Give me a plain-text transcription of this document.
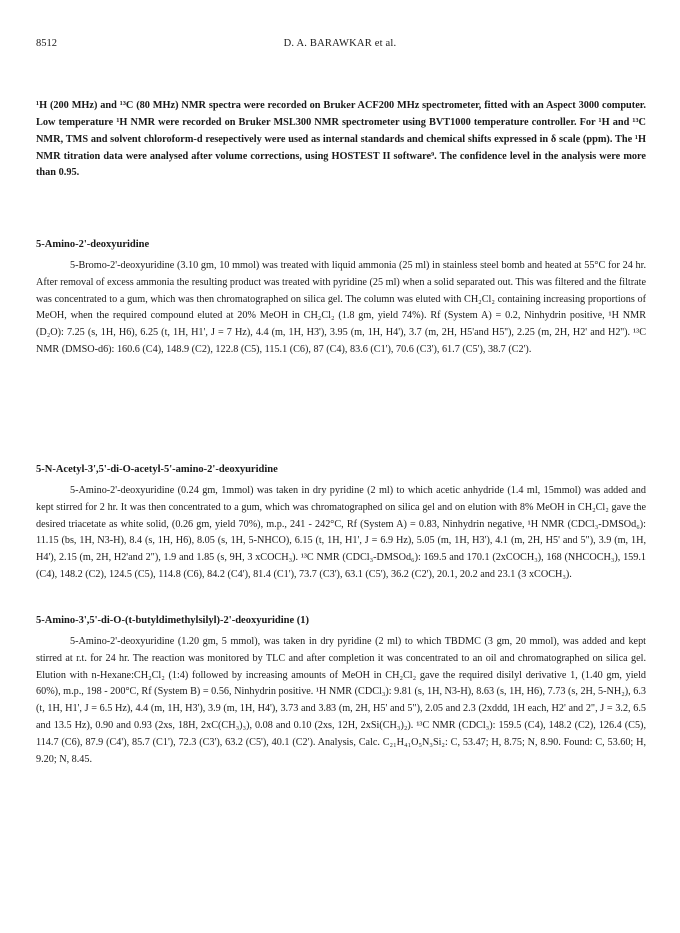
8512	D. A. BARAWKAR et al.

¹H (200 MHz) and ¹³C (80 MHz) NMR spectra were recorded on Bruker ACF200 MHz spectrometer, fitted with an Aspect 3000 computer. Low temperature ¹H NMR were recorded on Bruker MSL300 NMR spectrometer using BVT1000 temperature controller. For ¹H and ¹³C NMR, TMS and solvent chloroform-d resepectively were used as internal standards and chemical shifts expressed in δ scale (ppm). The ¹H NMR titration data were analysed after volume corrections, using HOSTEST II software⁹. The confidence level in the analysis were more than 0.95.

5-Amino-2'-deoxyuridine

5-Bromo-2'-deoxyuridine (3.10 gm, 10 mmol) was treated with liquid ammonia (25 ml) in stainless steel bomb and heated at 55°C for 24 hr. After removal of excess ammonia the resulting product was treated with pyridine (25 ml) when a solid separated out. This was filtered and the filtrate was concentrated to a gum, which was then chromatographed on silica gel. The column was eluted with CH₂Cl₂ containing increasing proportions of MeOH, when the required compound eluted at 20% MeOH in CH₂Cl₂ (1.8 gm, yield 74%). Rf (System A) = 0.2, Ninhydrin positive, ¹H NMR (D₂O): 7.25 (s, 1H, H6), 6.25 (t, 1H, H1', J = 7 Hz), 4.4 (m, 1H, H3'), 3.95 (m, 1H, H4'), 3.7 (m, 2H, H5'and H5''), 2.25 (m, 2H, H2' and H2''). ¹³C NMR (DMSO-d6): 160.6 (C4), 148.9 (C2), 122.8 (C5), 115.1 (C6), 87 (C4), 83.6 (C1'), 70.6 (C3'), 61.7 (C5'), 38.7 (C2').

5-N-Acetyl-3',5'-di-O-acetyl-5'-amino-2'-deoxyuridine

5-Amino-2'-deoxyuridine (0.24 gm, 1mmol) was taken in dry pyridine (2 ml) to which acetic anhydride (1.4 ml, 15mmol) was added and kept stirred for 2 hr. It was then concentrated to a gum, which was chromatographed on silica gel and on elution with 8% MeOH in CH₂Cl₂ gave the desired triacetate as white solid, (0.26 gm, yield 70%), m.p., 241 - 242°C, Rf (System A) = 0.83, Ninhydrin negative, ¹H NMR (CDCl₃-DMSOd₆): 11.15 (bs, 1H, N3-H), 8.4 (s, 1H, H6), 8.05 (s, 1H, 5-NHCO), 6.15 (t, 1H, H1', J = 6.9 Hz), 5.05 (m, 1H, H3'), 4.1 (m, 2H, H5' and 5"), 3.9 (m, 1H, H4'), 2.15 (m, 2H, H2'and 2"), 1.9 and 1.85 (s, 9H, 3 xCOCH₃). ¹³C NMR (CDCl₃-DMSOd₆): 169.5 and 170.1 (2xCOCH₃), 168 (NHCOCH₃), 159.1 (C4), 148.2 (C2), 124.5 (C5), 114.8 (C6), 84.2 (C4'), 81.4 (C1'), 73.7 (C3'), 63.1 (C5'), 36.2 (C2'), 20.1, 20.2 and 23.1 (3 xCOCH₃).

5-Amino-3',5'-di-O-(t-butyldimethylsilyl)-2'-deoxyuridine (1)

5-Amino-2'-deoxyuridine (1.20 gm, 5 mmol), was taken in dry pyridine (2 ml) to which TBDMC (3 gm, 20 mmol), was added and kept stirred at r.t. for 24 hr. The reaction was monitored by TLC and after completion it was concentrated to an oil and chromatographed on silica gel. Elution with n-Hexane:CH₂Cl₂ (1:4) followed by increasing amounts of MeOH in CH₂Cl₂ gave the required disilyl derivative 1, (1.40 gm, yield 60%), m.p., 198 - 200°C, Rf (System B) = 0.56, Ninhydrin positive. ¹H NMR (CDCl₃): 9.81 (s, 1H, N3-H), 8.63 (s, 1H, H6), 7.73 (s, 2H, 5-NH₂), 6.3 (t, 1H, H1', J = 6.5 Hz), 4.4 (m, 1H, H3'), 3.9 (m, 1H, H4'), 3.73 and 3.83 (m, 2H, H5' and 5"), 2.05 and 2.3 (2xddd, 1H each, H2' and 2", J = 3.2, 6.5 and 13.5 Hz), 0.90 and 0.93 (2xs, 18H, 2xC(CH₃)₃), 0.08 and 0.10 (2xs, 12H, 2xSi(CH₃)₂). ¹³C NMR (CDCl₃): 159.5 (C4), 148.2 (C2), 126.4 (C5), 114.7 (C6), 87.9 (C4'), 85.7 (C1'), 72.3 (C3'), 63.2 (C5'), 40.1 (C2'). Analysis, Calc. C₂₁H₄₁O₅N₃Si₂: C, 53.47; H, 8.75; N, 8.90. Found: C, 53.60; H, 9.20; N, 8.45.
